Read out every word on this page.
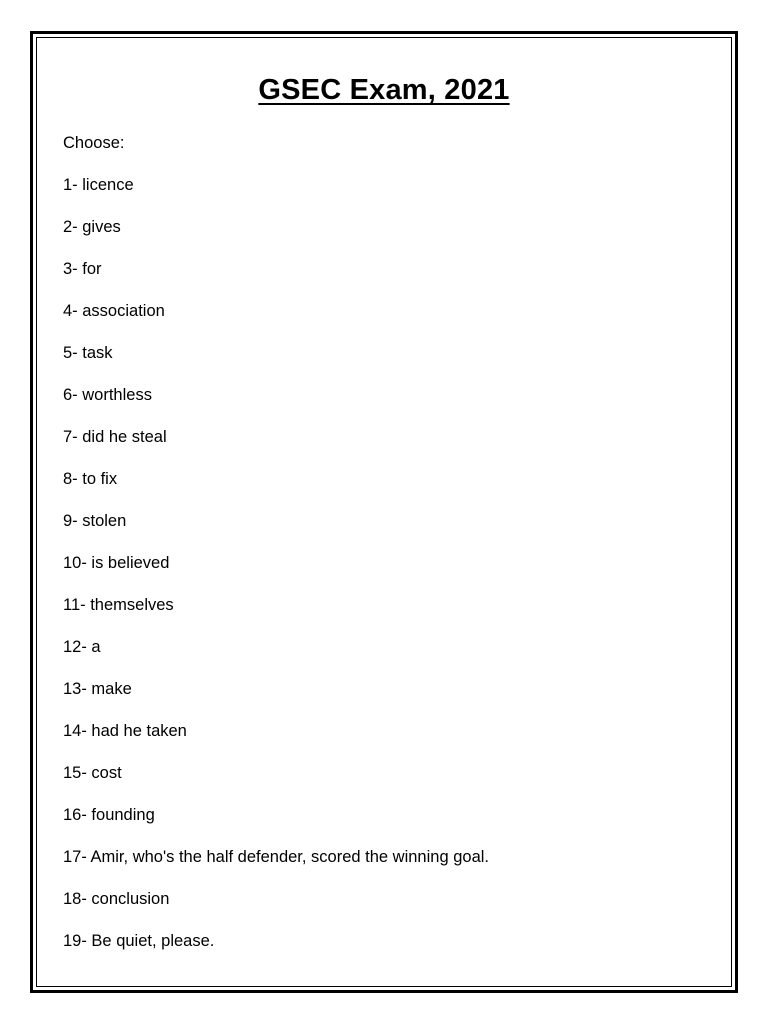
GSEC Exam, 2021
Choose:
1- licence
2- gives
3- for
4- association
5- task
6- worthless
7- did he steal
8- to fix
9- stolen
10- is believed
11- themselves
12- a
13- make
14- had he taken
15- cost
16- founding
17- Amir, who's the half defender, scored the winning goal.
18- conclusion
19- Be quiet, please.
